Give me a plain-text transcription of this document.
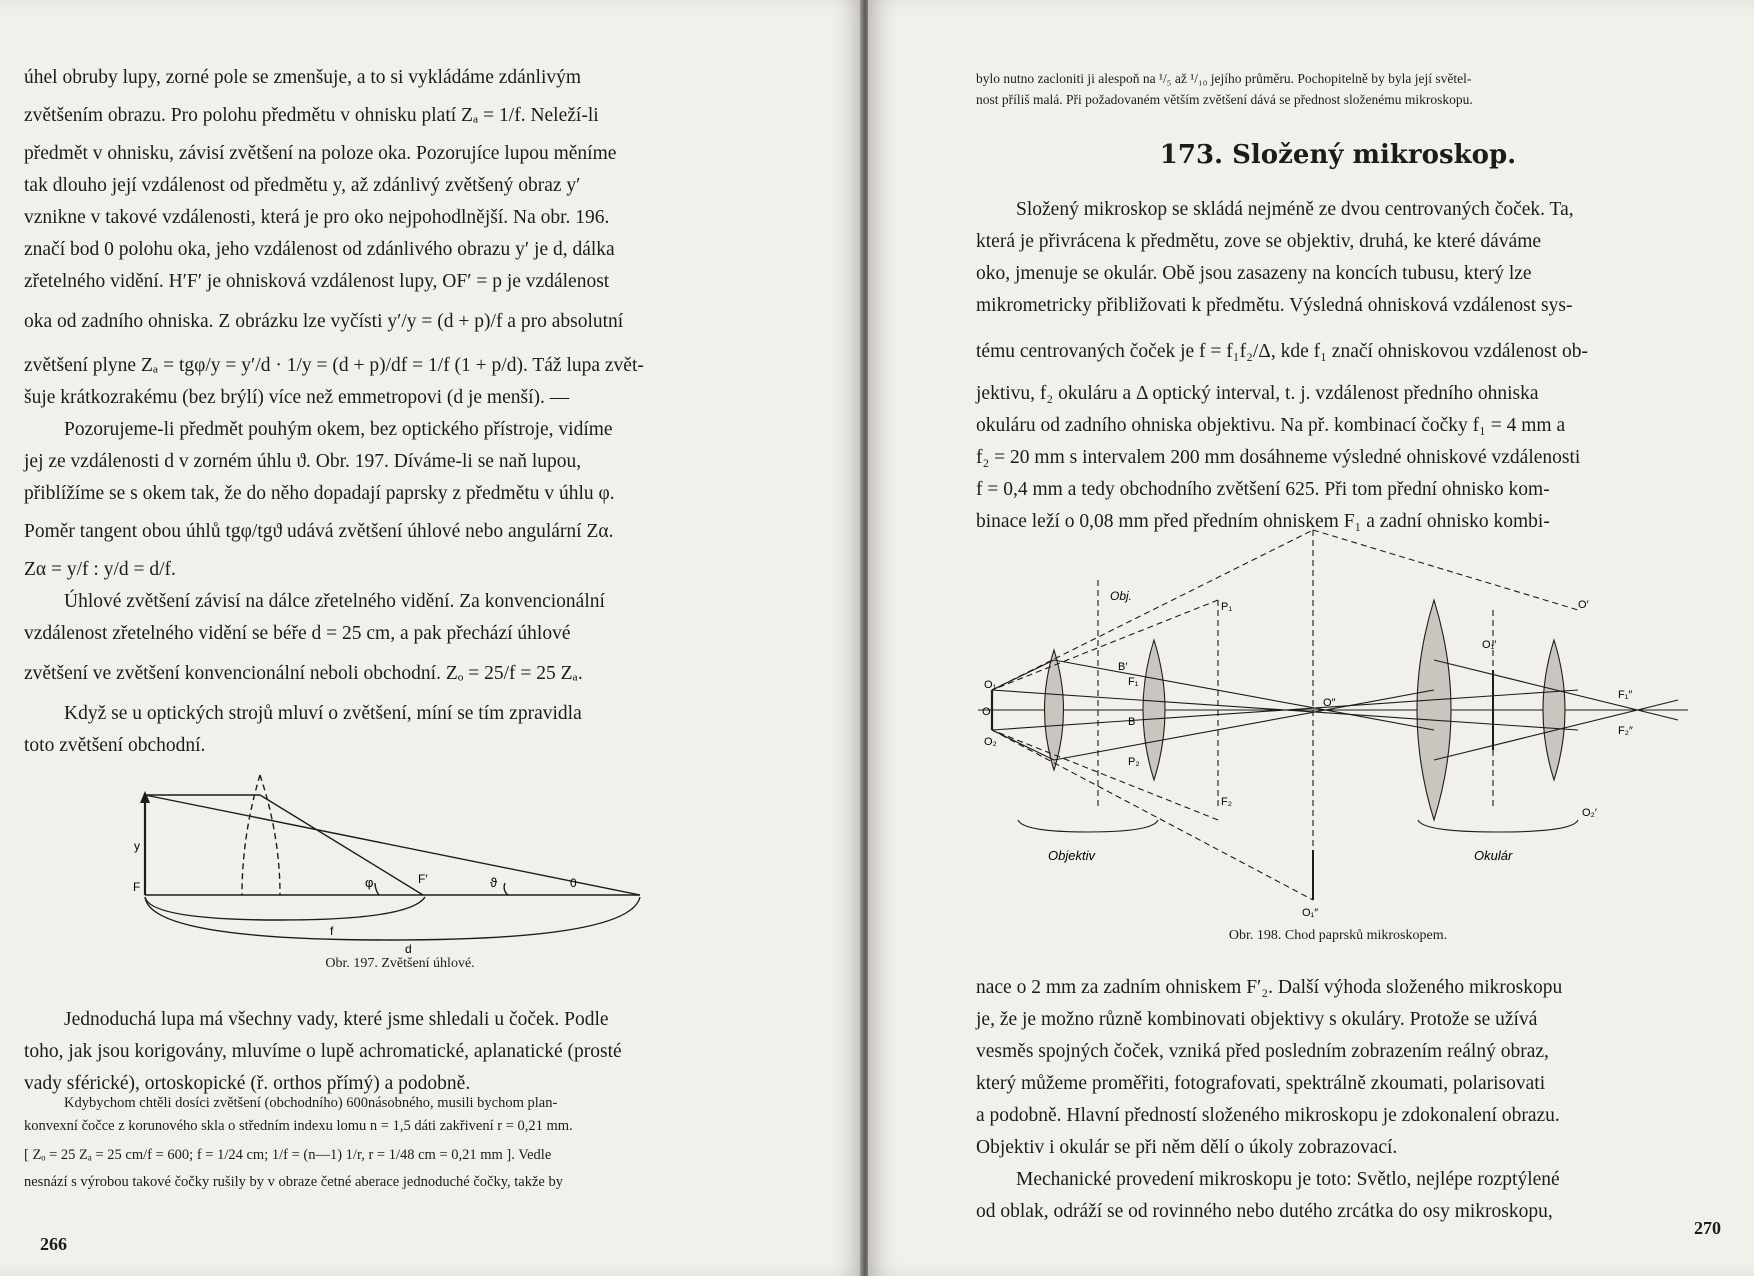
úhel obruby lupy, zorné pole se zmenšuje, a to si vykládáme zdánlivým

zvětšením obrazu. Pro polohu předmětu v ohnisku platí Zₐ = 1/f. Neleží-li

předmět v ohnisku, závisí zvětšení na poloze oka. Pozorujíce lupou měníme

tak dlouho její vzdálenost od předmětu y, až zdánlivý zvětšený obraz y′

vznikne v takové vzdálenosti, která je pro oko nejpohodlnější. Na obr. 196.

značí bod 0 polohu oka, jeho vzdálenost od zdánlivého obrazu y′ je d, dálka

zřetelného vidění. H′F′ je ohnisková vzdálenost lupy, OF′ = p je vzdálenost

oka od zadního ohniska. Z obrázku lze vyčísti y′/y = (d + p)/f a pro absolutní

zvětšení plyne Zₐ = tgφ/y = y′/d · 1/y = (d + p)/df = 1/f (1 + p/d). Táž lupa zvět-

šuje krátkozrakému (bez brýlí) více než emmetropovi (d je menší). —

Pozorujeme-li předmět pouhým okem, bez optického přístroje, vidíme

jej ze vzdálenosti d v zorném úhlu ϑ. Obr. 197. Díváme-li se naň lupou,

přiblížíme se s okem tak, že do něho dopadají paprsky z předmětu v úhlu φ.

Poměr tangent obou úhlů tgφ/tgϑ udává zvětšení úhlové nebo angulární Zα.

Zα = y/f : y/d = d/f.

Úhlové zvětšení závisí na dálce zřetelného vidění. Za konvencionální

vzdálenost zřetelného vidění se béře d = 25 cm, a pak přechází úhlové

zvětšení ve zvětšení konvencionální neboli obchodní. Zₒ = 25/f = 25 Zₐ.

Když se u optických strojů mluví o zvětšení, míní se tím zpravidla

toto zvětšení obchodní.

y
F	φ	F′	ϑ	0
f
d
Obr. 197. Zvětšení úhlové.

Jednoduchá lupa má všechny vady, které jsme shledali u čoček. Podle

toho, jak jsou korigovány, mluvíme o lupě achromatické, aplanatické (prosté

vady sférické), ortoskopické (ř. orthos přímý) a podobně.

Kdybychom chtěli dosíci zvětšení (obchodního) 600násobného, musili bychom plan-

konvexní čočce z korunového skla o středním indexu lomu n = 1,5 dáti zakřivení r = 0,21 mm.

[ Zₒ = 25 Zₐ = 25 cm/f = 600; f = 1/24 cm; 1/f = (n—1) 1/r, r = 1/48 cm = 0,21 mm ]. Vedle

nesnází s výrobou takové čočky rušily by v obraze četné aberace jednoduché čočky, takže by

266

bylo nutno zacloniti ji alespoň na ¹/₅ až ¹/₁₀ jejího průměru. Pochopitelně by byla její světel-

nost příliš malá. Při požadovaném větším zvětšení dává se přednost složenému mikroskopu.

173. Složený mikroskop.

Složený mikroskop se skládá nejméně ze dvou centrovaných čoček. Ta,

která je přivrácena k předmětu, zove se objektiv, druhá, ke které dáváme

oko, jmenuje se okulár. Obě jsou zasazeny na koncích tubusu, který lze

mikrometricky přibližovati k předmětu. Výsledná ohnisková vzdálenost sys-

tému centrovaných čoček je f = f₁f₂/Δ, kde f₁ značí ohniskovou vzdálenost ob-

jektivu, f₂ okuláru a Δ optický interval, t. j. vzdálenost předního ohniska

okuláru od zadního ohniska objektivu. Na př. kombinací čočky f₁ = 4 mm a

f₂ = 20 mm s intervalem 200 mm dosáhneme výsledné ohniskové vzdálenosti

f = 0,4 mm a tedy obchodního zvětšení 625. Při tom přední ohnisko kom-

binace leží o 0,08 mm před předním ohniskem F₁ a zadní ohnisko kombi-

Objektiv	Okulár
Obj.
O₁
O
O₂
B′
B
F₁
F₂
P₁
P₂
O′
O″
O₁′
O₂′
F₁″
F₂″
O₁″
Obr. 198. Chod paprsků mikroskopem.

nace o 2 mm za zadním ohniskem F′₂. Další výhoda složeného mikroskopu

je, že je možno různě kombinovati objektivy s okuláry. Protože se užívá

vesměs spojných čoček, vzniká před posledním zobrazením reálný obraz,

který můžeme proměřiti, fotografovati, spektrálně zkoumati, polarisovati

a podobně. Hlavní předností složeného mikroskopu je zdokonalení obrazu.

Objektiv i okulár se při něm dělí o úkoly zobrazovací.

Mechanické provedení mikroskopu je toto: Světlo, nejlépe rozptýlené

od oblak, odráží se od rovinného nebo dutého zrcátka do osy mikroskopu,

270
